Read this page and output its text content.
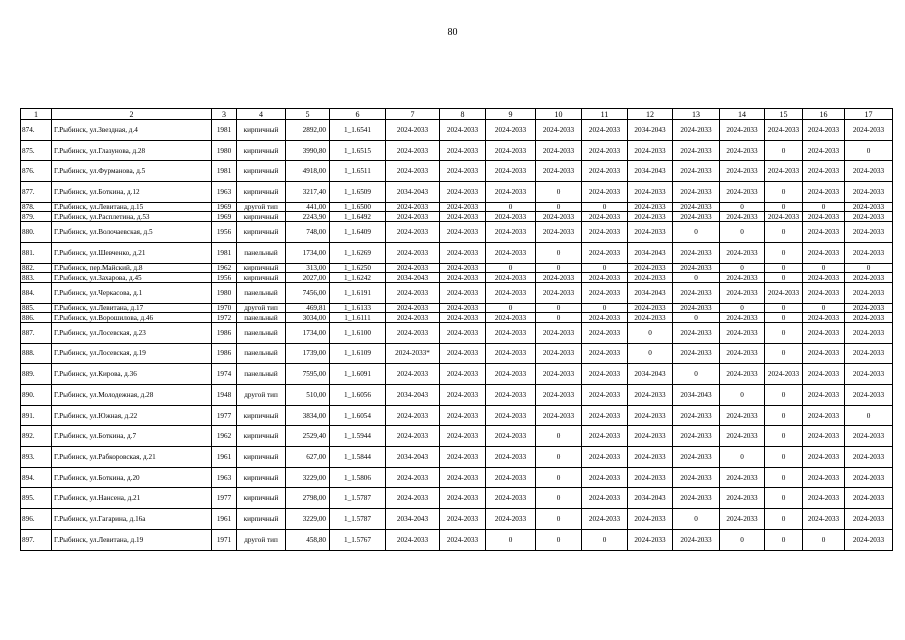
80
1	2	3	4	5	6	7	8	9	10	11	12	13	14	15	16	17
874.	Г.Рыбинск, ул.Звездная, д.4	1981	кирпичный	2892,00	1_1.6541	2024-2033	2024-2033	2024-2033	2024-2033	2024-2033	2034-2043	2024-2033	2024-2033	2024-2033	2024-2033	2024-2033
875.	Г.Рыбинск, ул.Глазунова, д.28	1980	кирпичный	3990,80	1_1.6515	2024-2033	2024-2033	2024-2033	2024-2033	2024-2033	2024-2033	2024-2033	2024-2033	0	2024-2033	0
876.	Г.Рыбинск, ул.Фурманова, д.5	1981	кирпичный	4918,00	1_1.6511	2024-2033	2024-2033	2024-2033	2024-2033	2024-2033	2034-2043	2024-2033	2024-2033	2024-2033	2024-2033	2024-2033
877.	Г.Рыбинск, ул.Боткина, д.12	1963	кирпичный	3217,40	1_1.6509	2034-2043	2024-2033	2024-2033	0	2024-2033	2024-2033	2024-2033	2024-2033	0	2024-2033	2024-2033
878.	Г.Рыбинск, ул.Левитана, д.15	1969	другой тип	441,00	1_1.6500	2024-2033	2024-2033	0	0	0	2024-2033	2024-2033	0	0	0	2024-2033
879.	Г.Рыбинск, ул.Расплетина, д.53	1969	кирпичный	2243,90	1_1.6492	2024-2033	2024-2033	2024-2033	2024-2033	2024-2033	2024-2033	2024-2033	2024-2033	2024-2033	2024-2033	2024-2033
880.	Г.Рыбинск, ул.Волочаевская, д.5	1956	кирпичный	748,00	1_1.6409	2024-2033	2024-2033	2024-2033	2024-2033	2024-2033	2024-2033	0	0	0	2024-2033	2024-2033
881.	Г.Рыбинск, ул.Шевченко, д.21	1981	панельный	1734,00	1_1.6269	2024-2033	2024-2033	2024-2033	0	2024-2033	2034-2043	2024-2033	2024-2033	0	2024-2033	2024-2033
882.	Г.Рыбинск, пер.Майский, д.8	1962	кирпичный	313,00	1_1.6250	2024-2033	2024-2033	0	0	0	2024-2033	2024-2033	0	0	0	0
883.	Г.Рыбинск, ул.Захарова, д.45	1956	кирпичный	2027,00	1_1.6242	2034-2043	2024-2033	2024-2033	2024-2033	2024-2033	2024-2033	0	2024-2033	0	2024-2033	2024-2033
884.	Г.Рыбинск, ул.Черкасова, д.1	1980	панельный	7456,00	1_1.6191	2024-2033	2024-2033	2024-2033	2024-2033	2024-2033	2034-2043	2024-2033	2024-2033	2024-2033	2024-2033	2024-2033
885.	Г.Рыбинск, ул.Левитана, д.17	1970	другой тип	469,81	1_1.6133	2024-2033	2024-2033	0	0	0	2024-2033	2024-2033	0	0	0	2024-2033
886.	Г.Рыбинск, ул.Ворошилова, д.46	1972	панельный	3034,00	1_1.6111	2024-2033	2024-2033	2024-2033	0	2024-2033	2024-2033	0	2024-2033	0	2024-2033	2024-2033
887.	Г.Рыбинск, ул.Лосевская, д.23	1986	панельный	1734,00	1_1.6100	2024-2033	2024-2033	2024-2033	2024-2033	2024-2033	0	2024-2033	2024-2033	0	2024-2033	2024-2033
888.	Г.Рыбинск, ул.Лосевская, д.19	1986	панельный	1739,00	1_1.6109	2024-2033*	2024-2033	2024-2033	2024-2033	2024-2033	0	2024-2033	2024-2033	0	2024-2033	2024-2033
889.	Г.Рыбинск, ул.Кирова, д.36	1974	панельный	7595,00	1_1.6091	2024-2033	2024-2033	2024-2033	2024-2033	2024-2033	2034-2043	0	2024-2033	2024-2033	2024-2033	2024-2033
890.	Г.Рыбинск, ул.Молодежная, д.28	1948	другой тип	510,00	1_1.6056	2034-2043	2024-2033	2024-2033	2024-2033	2024-2033	2024-2033	2034-2043	0	0	2024-2033	2024-2033
891.	Г.Рыбинск, ул.Южная, д.22	1977	кирпичный	3834,00	1_1.6054	2024-2033	2024-2033	2024-2033	2024-2033	2024-2033	2024-2033	2024-2033	2024-2033	0	2024-2033	0
892.	Г.Рыбинск, ул.Боткина, д.7	1962	кирпичный	2529,40	1_1.5944	2024-2033	2024-2033	2024-2033	0	2024-2033	2024-2033	2024-2033	2024-2033	0	2024-2033	2024-2033
893.	Г.Рыбинск, ул.Рабкоровская, д.21	1961	кирпичный	627,00	1_1.5844	2034-2043	2024-2033	2024-2033	0	2024-2033	2024-2033	2024-2033	0	0	2024-2033	2024-2033
894.	Г.Рыбинск, ул.Боткина, д.20	1963	кирпичный	3229,00	1_1.5806	2024-2033	2024-2033	2024-2033	0	2024-2033	2024-2033	2024-2033	2024-2033	0	2024-2033	2024-2033
895.	Г.Рыбинск, ул.Нансена, д.21	1977	кирпичный	2798,00	1_1.5787	2024-2033	2024-2033	2024-2033	0	2024-2033	2034-2043	2024-2033	2024-2033	0	2024-2033	2024-2033
896.	Г.Рыбинск, ул.Гагарина, д.16а	1961	кирпичный	3229,00	1_1.5787	2034-2043	2024-2033	2024-2033	0	2024-2033	2024-2033	0	2024-2033	0	2024-2033	2024-2033
897.	Г.Рыбинск, ул.Левитана, д.19	1971	другой тип	458,80	1_1.5767	2024-2033	2024-2033	0	0	0	2024-2033	2024-2033	0	0	0	2024-2033
